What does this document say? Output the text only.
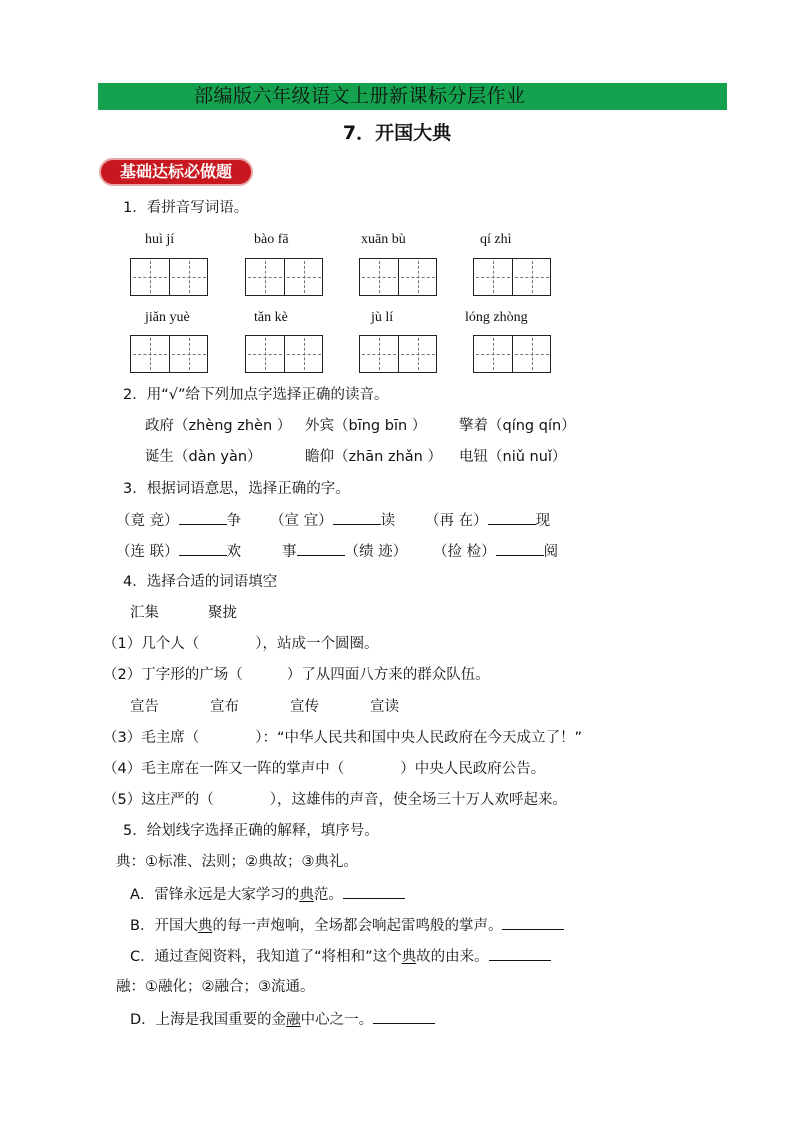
部编版六年级语文上册新课标分层作业
7．开国大典
基础达标必做题
1．看拼音写词语。
huì jí	bào fā	xuān bù	qí zhì
jiǎn yuè	tǎn kè	jù lí	lóng zhòng
2．用“√”给下列加点字选择正确的读音。
政府（zhèng zhèn ） 外宾（bīng bīn ） 擎着（qíng qín）
诞生（dàn yàn）	瞻仰（zhān zhǎn ） 电钮（niǔ nuǐ）
3．根据词语意思，选择正确的字。
（竟 竞）	争 （宣 宜）	读 （再 在）	现
（连 联）	欢	事	（绩 迹） （捡 检）	阅
4．选择合适的词语填空
汇集	聚拢
（1）几个人（	），站成一个圆圈。
（2）丁字形的广场（	）了从四面八方来的群众队伍。
宣告	宣布	宣传	宣读
（3）毛主席（	）：“中华人民共和国中央人民政府在今天成立了！”
（4）毛主席在一阵又一阵的掌声中（	）中央人民政府公告。
（5）这庄严的（	），这雄伟的声音，使全场三十万人欢呼起来。
5．给划线字选择正确的解释，填序号。
典：①标准、法则；②典故；③典礼。
A．雷锋永远是大家学习的典范。
B．开国大典的每一声炮响，全场都会响起雷鸣般的掌声。
C．通过查阅资料，我知道了“将相和”这个典故的由来。
融：①融化；②融合；③流通。
D．上海是我国重要的金融中心之一。
